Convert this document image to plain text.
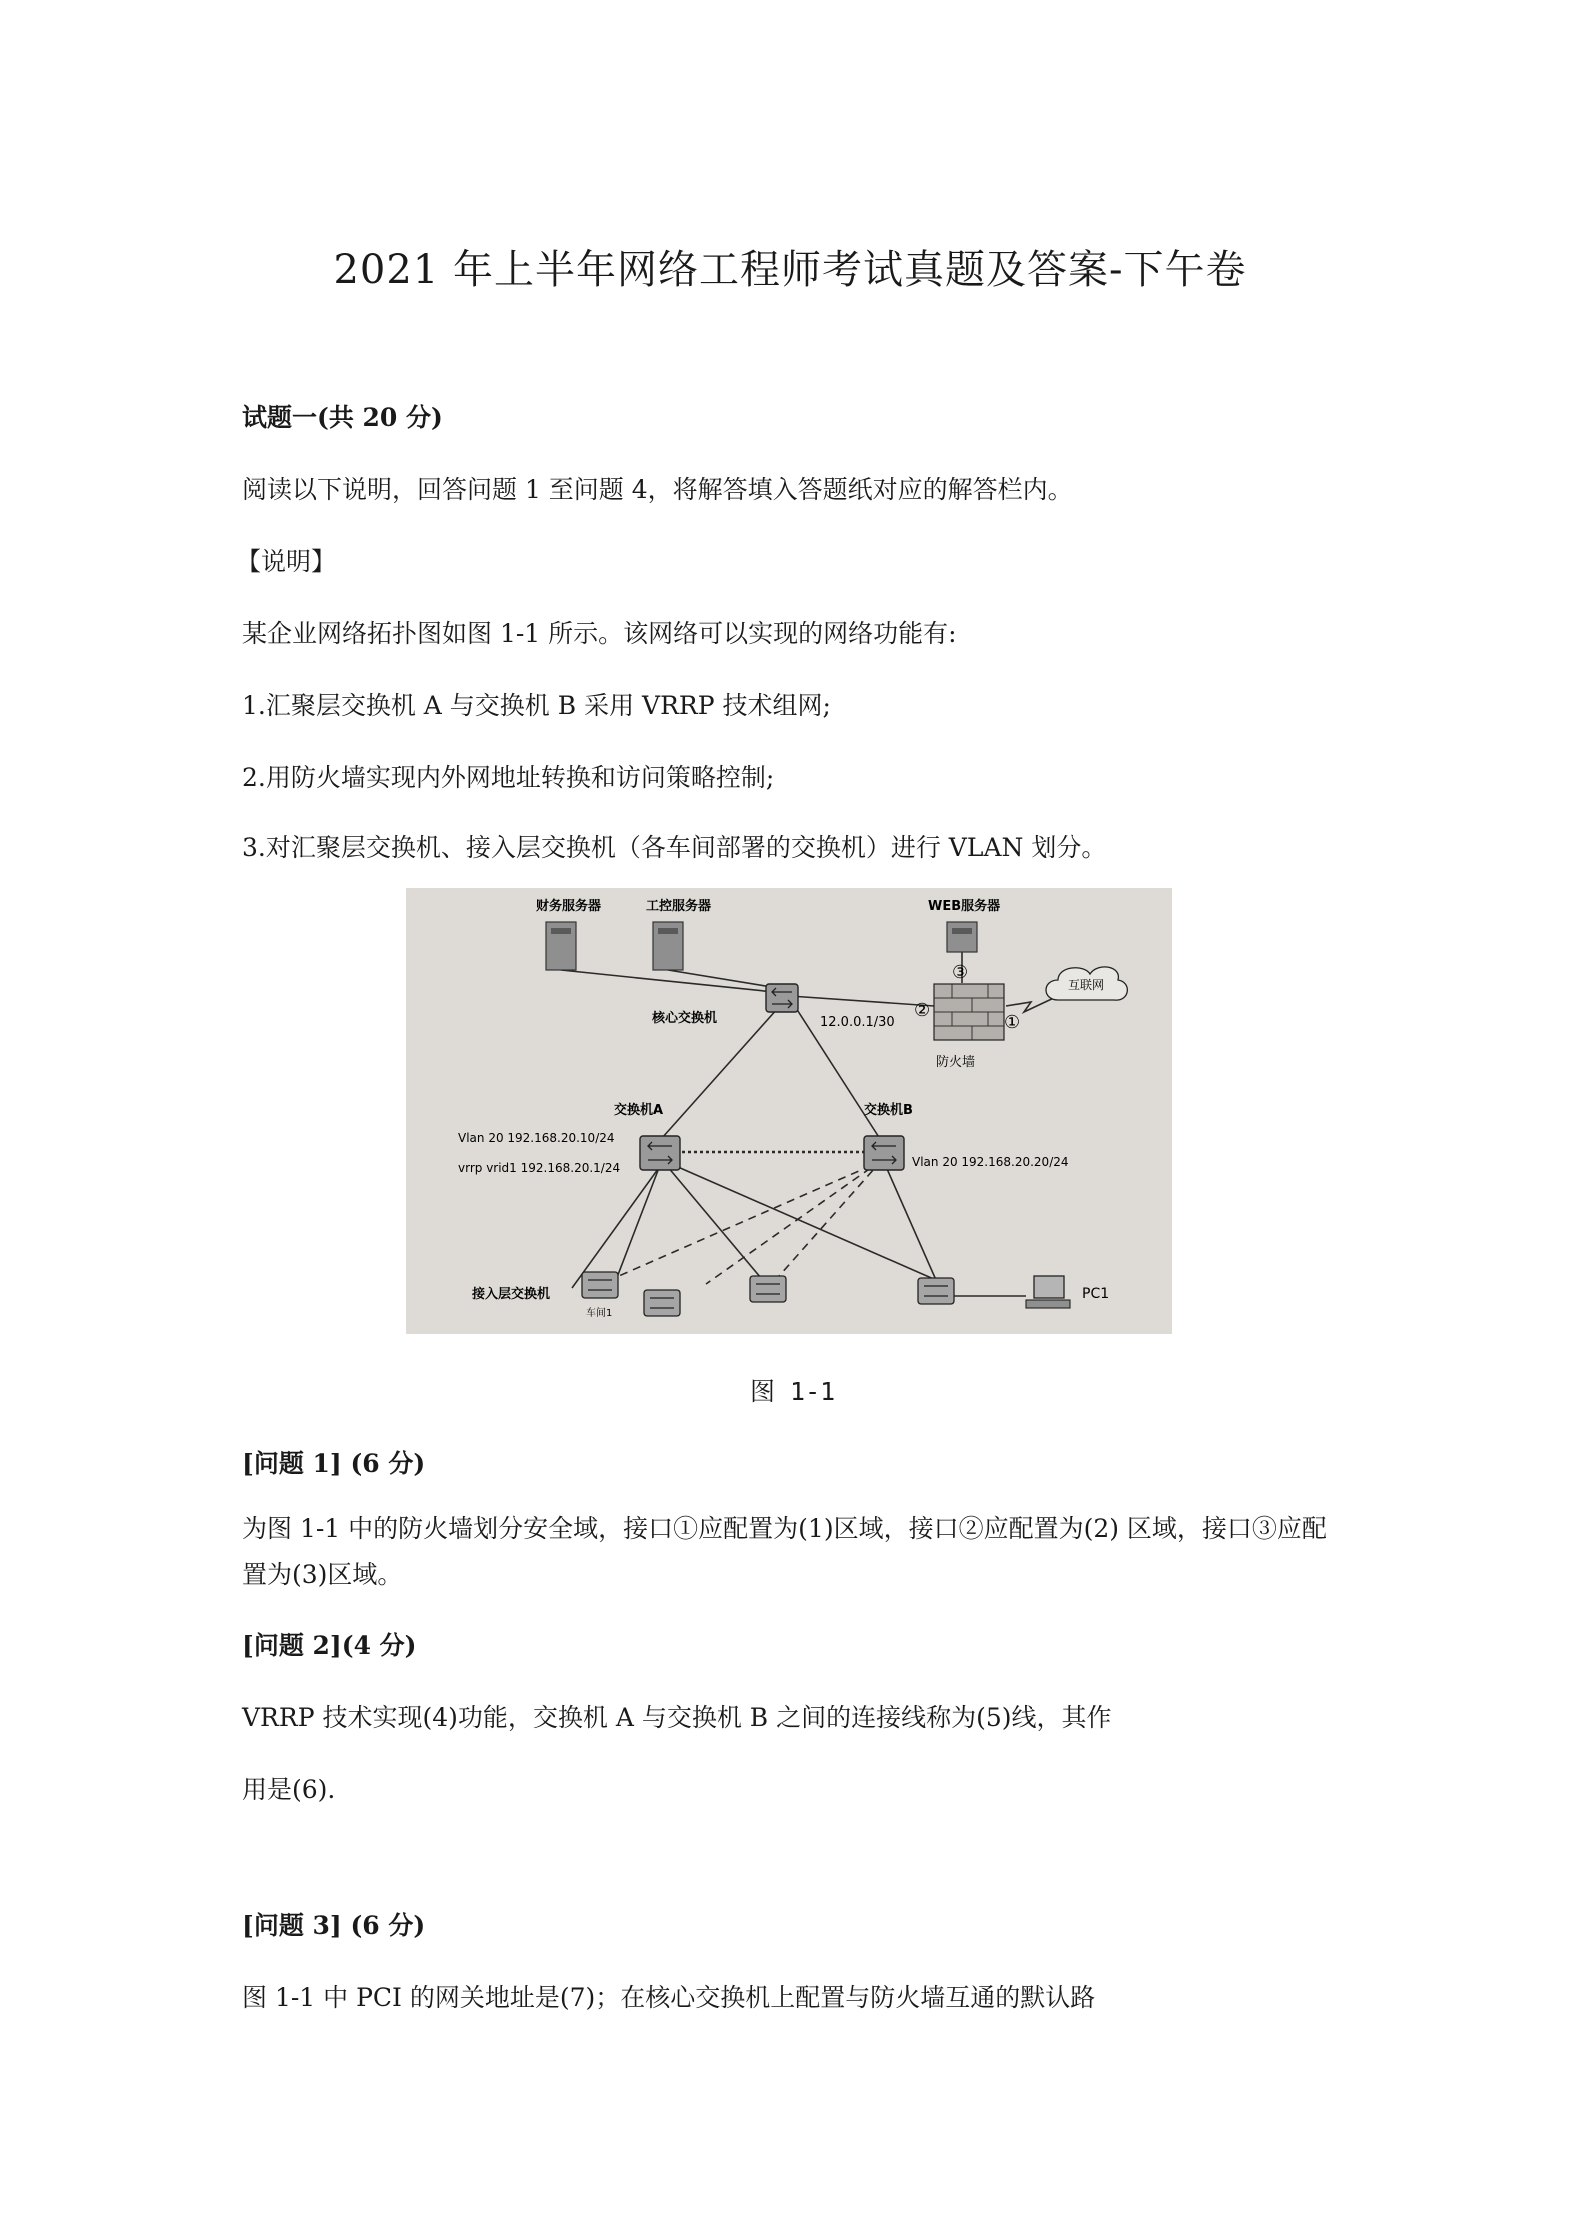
2021 年上半年网络工程师考试真题及答案-下午卷
试题一(共 20 分)
阅读以下说明，回答问题 1 至问题 4，将解答填入答题纸对应的解答栏内。
【说明】
某企业网络拓扑图如图 1-1 所示。该网络可以实现的网络功能有:
1.汇聚层交换机 A 与交换机 B 采用 VRRP 技术组网;
2.用防火墙实现内外网地址转换和访问策略控制;
3.对汇聚层交换机、接入层交换机（各车间部署的交换机）进行 VLAN 划分。
财务服务器	工控服务器	WEB服务器
核心交换机	12.0.0.1/30
防火墙
②
③
①
互联网
交换机A
Vlan 20 192.168.20.10/24
vrrp vrid1 192.168.20.1/24
交换机B
Vlan 20 192.168.20.20/24
接入层交换机
车间1
PC1
图 1-1
[问题 1] (6 分)
为图 1-1 中的防火墙划分安全域，接口①应配置为(1)区域，接口②应配置为(2) 区域，接口③应配置为(3)区域。
[问题 2](4 分)
VRRP 技术实现(4)功能，交换机 A 与交换机 B 之间的连接线称为(5)线，其作
用是(6).
[问题 3] (6 分)
图 1-1 中 PCI 的网关地址是(7)；在核心交换机上配置与防火墙互通的默认路
